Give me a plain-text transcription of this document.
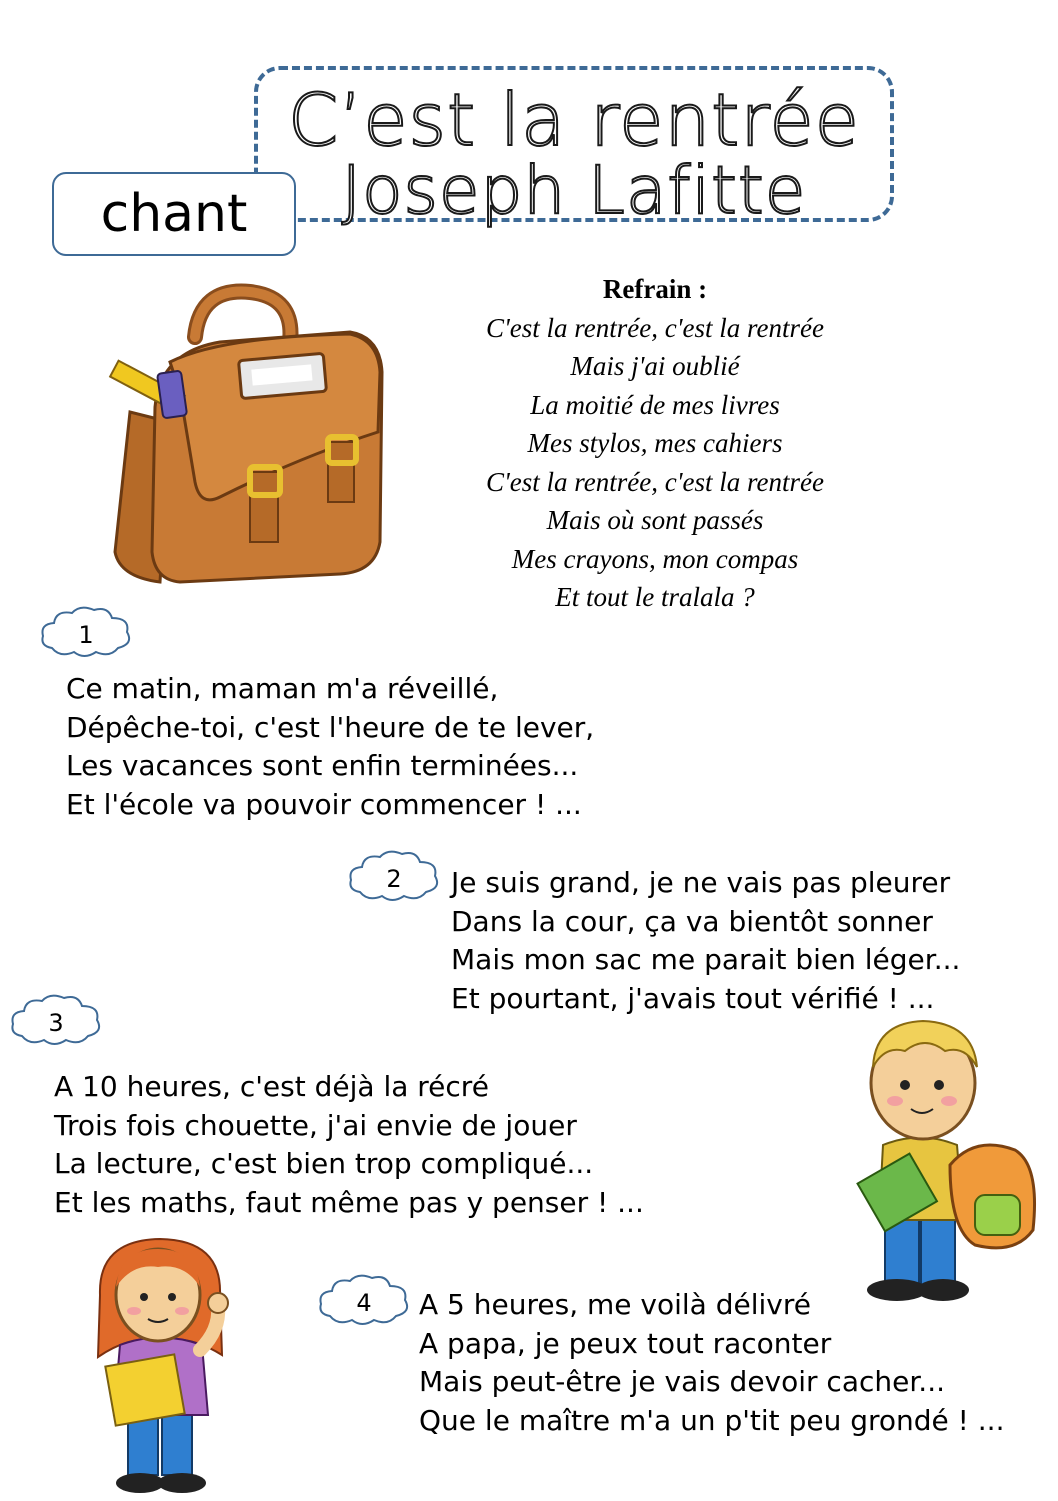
C’est la rentrée
Joseph Lafitte
chant
Refrain :
C'est la rentrée, c'est la rentrée
Mais j'ai oublié
La moitié de mes livres
Mes stylos, mes cahiers
C'est la rentrée, c'est la rentrée
Mais où sont passés
Mes crayons, mon compas
Et tout le tralala ?
1
2
3
4
Ce matin, maman m'a réveillé,
Dépêche-toi, c'est l'heure de te lever,
Les vacances sont enfin terminées...
Et l'école va pouvoir commencer ! ...
Je suis grand, je ne vais pas pleurer
Dans la cour, ça va bientôt sonner
Mais mon sac me parait bien léger...
Et pourtant, j'avais tout vérifié ! ...
A 10 heures, c'est déjà la récré
Trois fois chouette, j'ai envie de jouer
La lecture, c'est bien trop compliqué...
Et les maths, faut même pas y penser ! ...
A 5 heures, me voilà délivré
A papa, je peux tout raconter
Mais peut-être je vais devoir cacher...
Que le maître m'a un p'tit peu grondé ! ...
